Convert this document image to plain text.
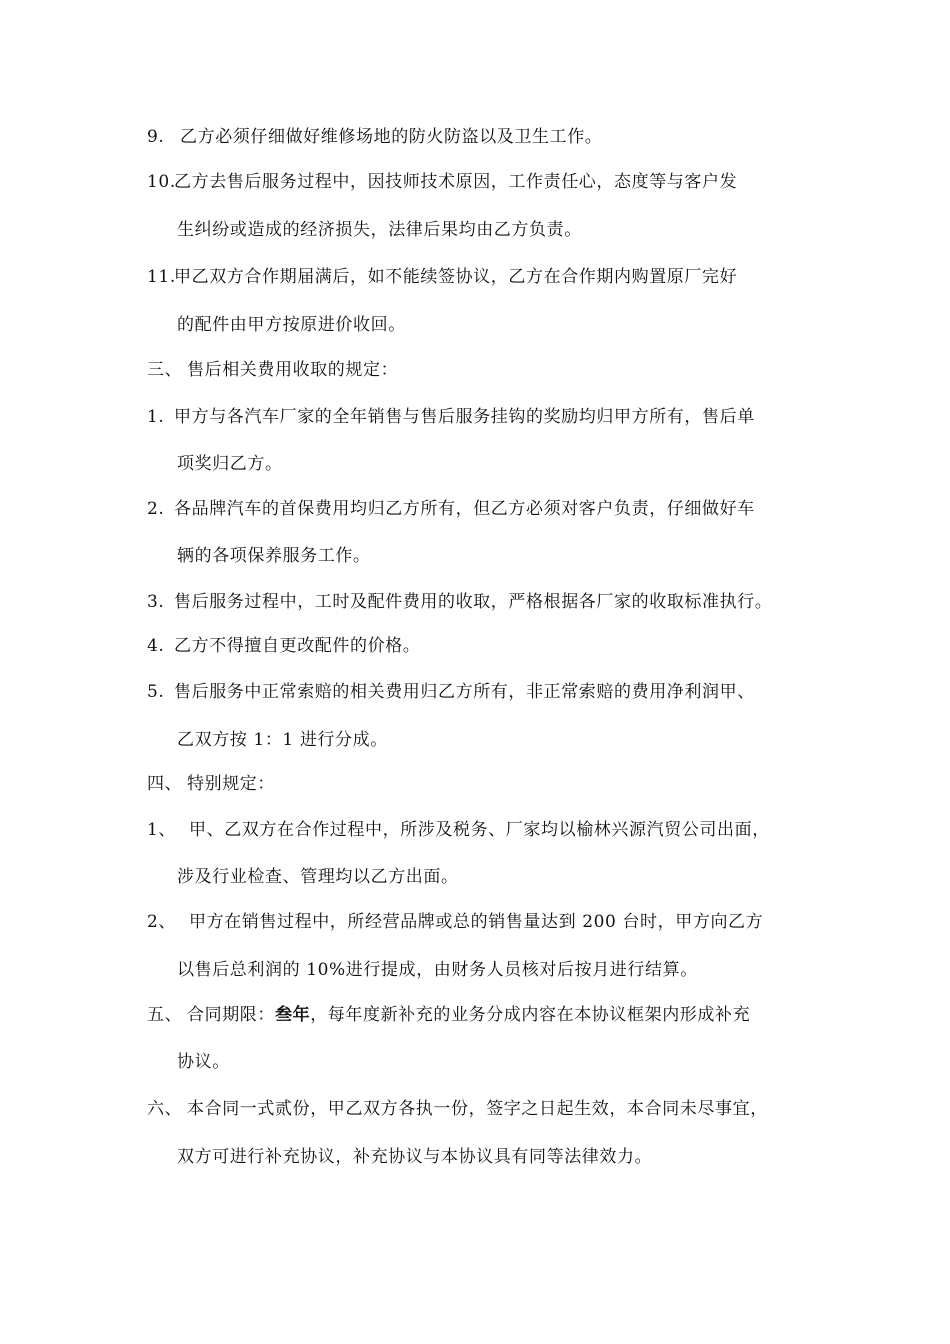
9. 乙方必须仔细做好维修场地的防火防盗以及卫生工作。
10.乙方去售后服务过程中，因技师技术原因，工作责任心，态度等与客户发
生纠纷或造成的经济损失，法律后果均由乙方负责。
11.甲乙双方合作期届满后，如不能续签协议，乙方在合作期内购置原厂完好
的配件由甲方按原进价收回。
三、 售后相关费用收取的规定：
1. 甲方与各汽车厂家的全年销售与售后服务挂钩的奖励均归甲方所有，售后单
项奖归乙方。
2. 各品牌汽车的首保费用均归乙方所有，但乙方必须对客户负责，仔细做好车
辆的各项保养服务工作。
3. 售后服务过程中，工时及配件费用的收取，严格根据各厂家的收取标准执行。
4. 乙方不得擅自更改配件的价格。
5. 售后服务中正常索赔的相关费用归乙方所有，非正常索赔的费用净利润甲、
乙双方按 1：1 进行分成。
四、 特别规定：
1、 甲、乙双方在合作过程中，所涉及税务、厂家均以榆林兴源汽贸公司出面，
涉及行业检查、管理均以乙方出面。
2、 甲方在销售过程中，所经营品牌或总的销售量达到 200 台时，甲方向乙方
以售后总利润的 10%进行提成，由财务人员核对后按月进行结算。
五、 合同期限：叁年，每年度新补充的业务分成内容在本协议框架内形成补充
协议。
六、 本合同一式贰份，甲乙双方各执一份，签字之日起生效，本合同未尽事宜，
双方可进行补充协议，补充协议与本协议具有同等法律效力。
